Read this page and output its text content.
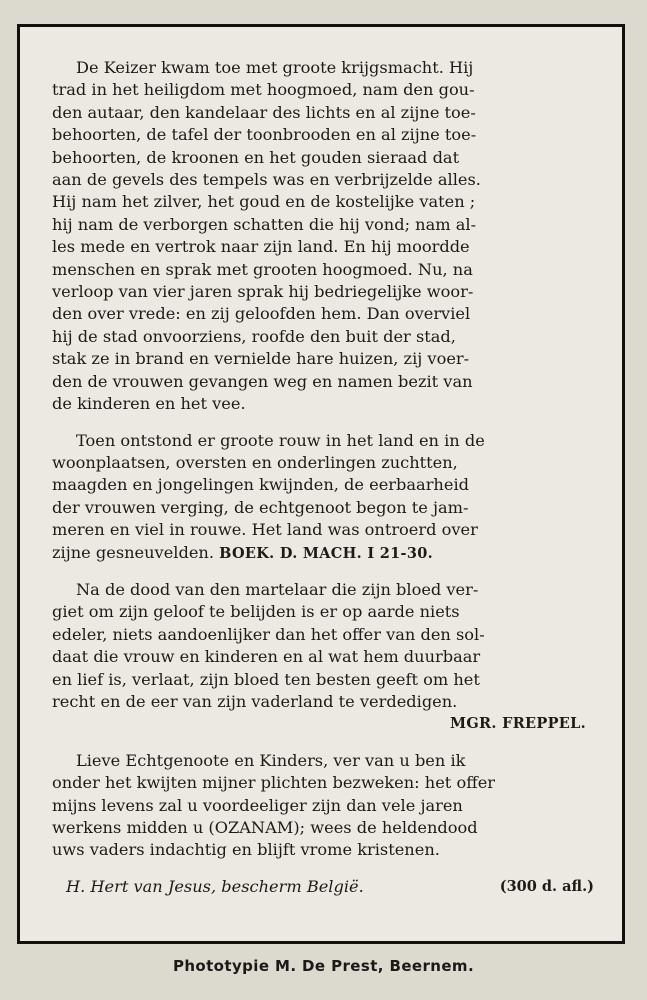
De Keizer kwam toe met groote krijgsmacht. Hij
trad in het heiligdom met hoogmoed, nam den gou-
den autaar, den kandelaar des lichts en al zijne toe-
behoorten, de tafel der toonbrooden en al zijne toe-
behoorten, de kroonen en het gouden sieraad dat
aan de gevels des tempels was en verbrijzelde alles.
Hij nam het zilver, het goud en de kostelijke vaten ;
hij nam de verborgen schatten die hij vond; nam al-
les mede en vertrok naar zijn land. En hij moordde
menschen en sprak met grooten hoogmoed. Nu, na
verloop van vier jaren sprak hij bedriegelijke woor-
den over vrede: en zij geloofden hem. Dan overviel
hij de stad onvoorziens, roofde den buit der stad,
stak ze in brand en vernielde hare huizen, zij voer-
den de vrouwen gevangen weg en namen bezit van
de kinderen en het vee.

Toen ontstond er groote rouw in het land en in de
woonplaatsen, oversten en onderlingen zuchtten,
maagden en jongelingen kwijnden, de eerbaarheid
der vrouwen verging, de echtgenoot begon te jam-
meren en viel in rouwe. Het land was ontroerd over
zijne gesneuvelden. BOEK. D. MACH. I 21-30.

Na de dood van den martelaar die zijn bloed ver-
giet om zijn geloof te belijden is er op aarde niets
edeler, niets aandoenlijker dan het offer van den sol-
daat die vrouw en kinderen en al wat hem duurbaar
en lief is, verlaat, zijn bloed ten besten geeft om het
recht en de eer van zijn vaderland te verdedigen.
MGR. FREPPEL.

Lieve Echtgenoote en Kinders, ver van u ben ik
onder het kwijten mijner plichten bezweken: het offer
mijns levens zal u voordeeliger zijn dan vele jaren
werkens midden u (OZANAM); wees de heldendood
uws vaders indachtig en blijft vrome kristenen.

H. Hert van Jesus, bescherm België.	(300 d. afl.)
Phototypie M. De Prest, Beernem.
